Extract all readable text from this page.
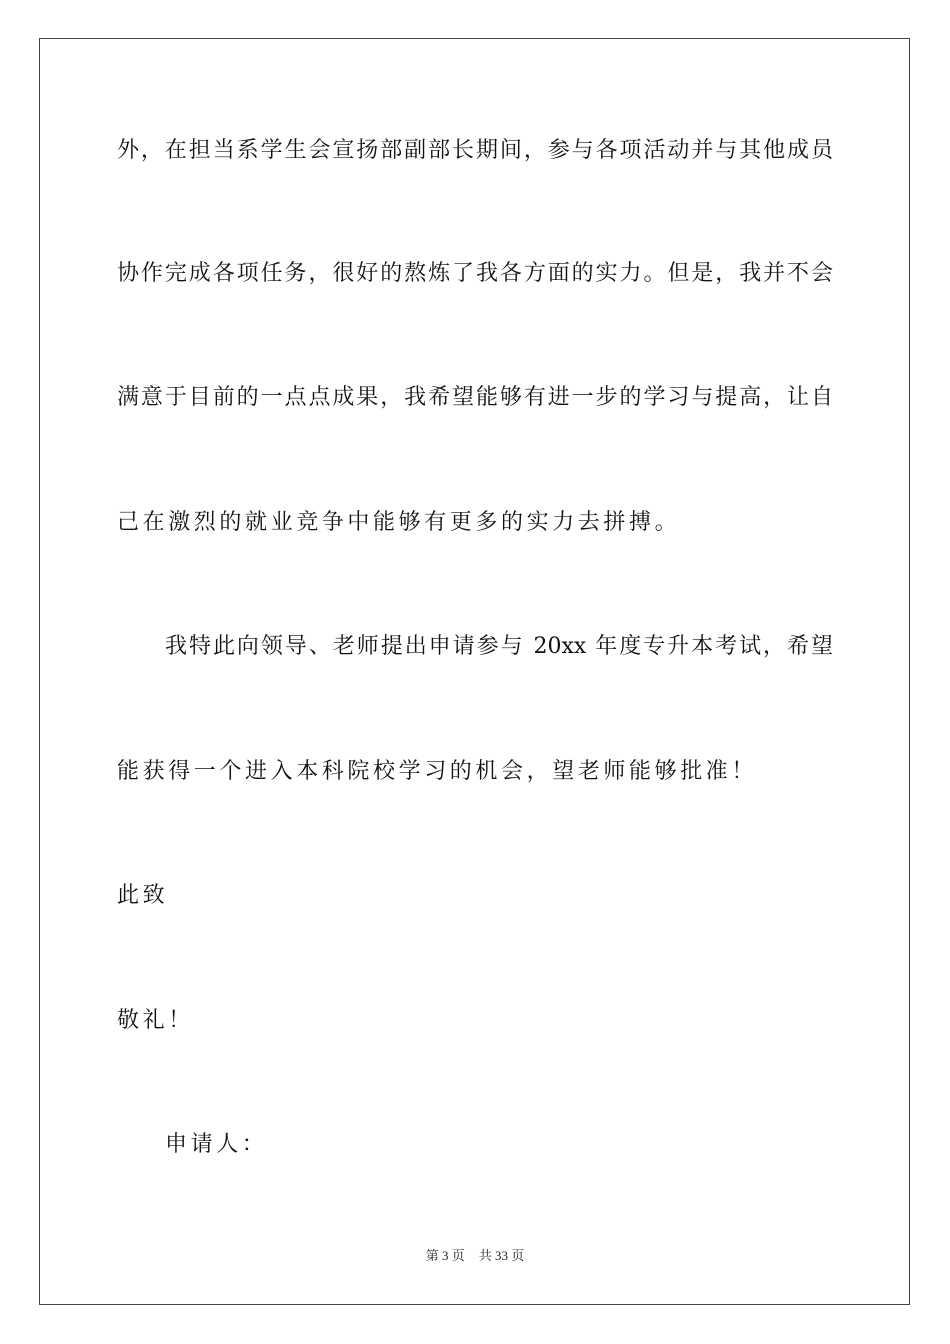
外，在担当系学生会宣扬部副部长期间，参与各项活动并与其他成员
协作完成各项任务，很好的熬炼了我各方面的实力。但是，我并不会
满意于目前的一点点成果，我希望能够有进一步的学习与提高，让自
己在激烈的就业竞争中能够有更多的实力去拼搏。
我特此向领导、老师提出申请参与 20xx 年度专升本考试，希望
能获得一个进入本科院校学习的机会，望老师能够批准！
此致
敬礼！
申请人：
第 3 页 共 33 页
